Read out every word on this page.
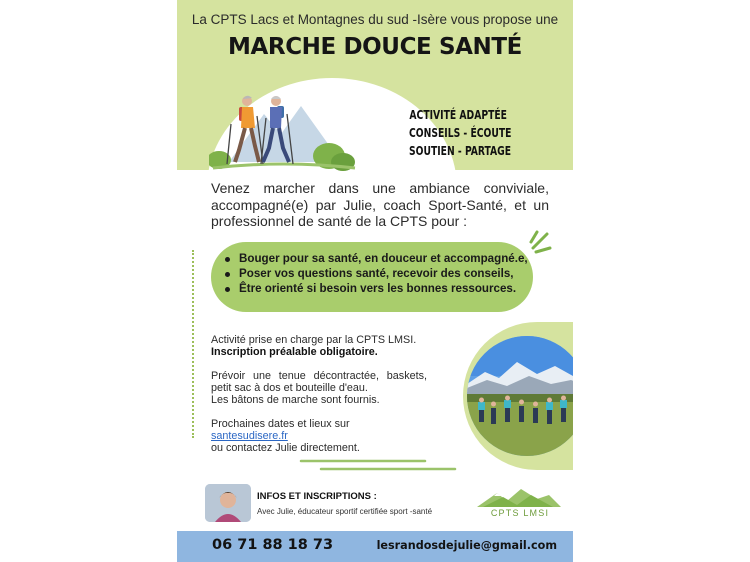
La CPTS Lacs et Montagnes du sud -Isère vous propose une
MARCHE DOUCE SANTÉ
ACTIVITÉ ADAPTÉE
CONSEILS - ÉCOUTE
SOUTIEN - PARTAGE

Venez marcher dans une ambiance conviviale, accompagné(e) par Julie, coach Sport-Santé, et un professionnel de santé de la CPTS pour :

Bouger pour sa santé, en douceur et accompagné.e,
Poser vos questions santé, recevoir des conseils,
Être orienté si besoin vers les bonnes ressources.

Activité prise en charge par la CPTS LMSI.
Inscription préalable obligatoire.

Prévoir une tenue décontractée, baskets, petit sac à dos et bouteille d'eau.
Les bâtons de marche sont fournis.

Prochaines dates et lieux sur santesudisere.fr
ou contactez Julie directement.

INFOS ET INSCRIPTIONS :
Avec Julie, éducateur sportif certifiée sport -santé	CPTS LMSI
06 71 88 18 73	lesrandosdejulie@gmail.com
